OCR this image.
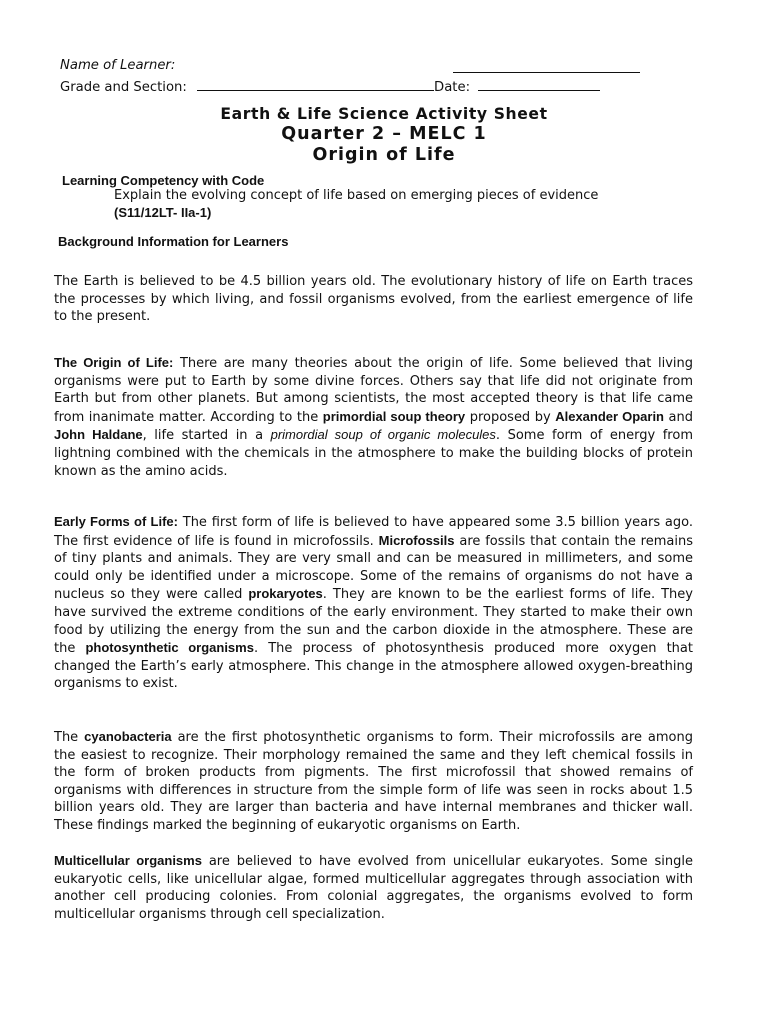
Name of Learner:
Grade and Section:	Date:
Earth & Life Science Activity Sheet
Quarter 2 – MELC 1
Origin of Life
Learning Competency with Code
Explain the evolving concept of life based on emerging pieces of evidence
(S11/12LT- IIa-1)
Background Information for Learners

The Earth is believed to be 4.5 billion years old. The evolutionary history of life on Earth traces the processes by which living, and fossil organisms evolved, from the earliest emergence of life to the present.

The Origin of Life: There are many theories about the origin of life. Some believed that living organisms were put to Earth by some divine forces. Others say that life did not originate from Earth but from other planets. But among scientists, the most accepted theory is that life came from inanimate matter. According to the primordial soup theory proposed by Alexander Oparin and John Haldane, life started in a primordial soup of organic molecules. Some form of energy from lightning combined with the chemicals in the atmosphere to make the building blocks of protein known as the amino acids.

Early Forms of Life: The first form of life is believed to have appeared some 3.5 billion years ago. The first evidence of life is found in microfossils. Microfossils are fossils that contain the remains of tiny plants and animals. They are very small and can be measured in millimeters, and some could only be identified under a microscope. Some of the remains of organisms do not have a nucleus so they were called prokaryotes. They are known to be the earliest forms of life. They have survived the extreme conditions of the early environment. They started to make their own food by utilizing the energy from the sun and the carbon dioxide in the atmosphere. These are the photosynthetic organisms. The process of photosynthesis produced more oxygen that changed the Earth’s early atmosphere. This change in the atmosphere allowed oxygen-breathing organisms to exist.

The cyanobacteria are the first photosynthetic organisms to form. Their microfossils are among the easiest to recognize. Their morphology remained the same and they left chemical fossils in the form of broken products from pigments. The first microfossil that showed remains of organisms with differences in structure from the simple form of life was seen in rocks about 1.5 billion years old. They are larger than bacteria and have internal membranes and thicker wall. These findings marked the beginning of eukaryotic organisms on Earth.

Multicellular organisms are believed to have evolved from unicellular eukaryotes. Some single eukaryotic cells, like unicellular algae, formed multicellular aggregates through association with another cell producing colonies. From colonial aggregates, the organisms evolved to form multicellular organisms through cell specialization.
